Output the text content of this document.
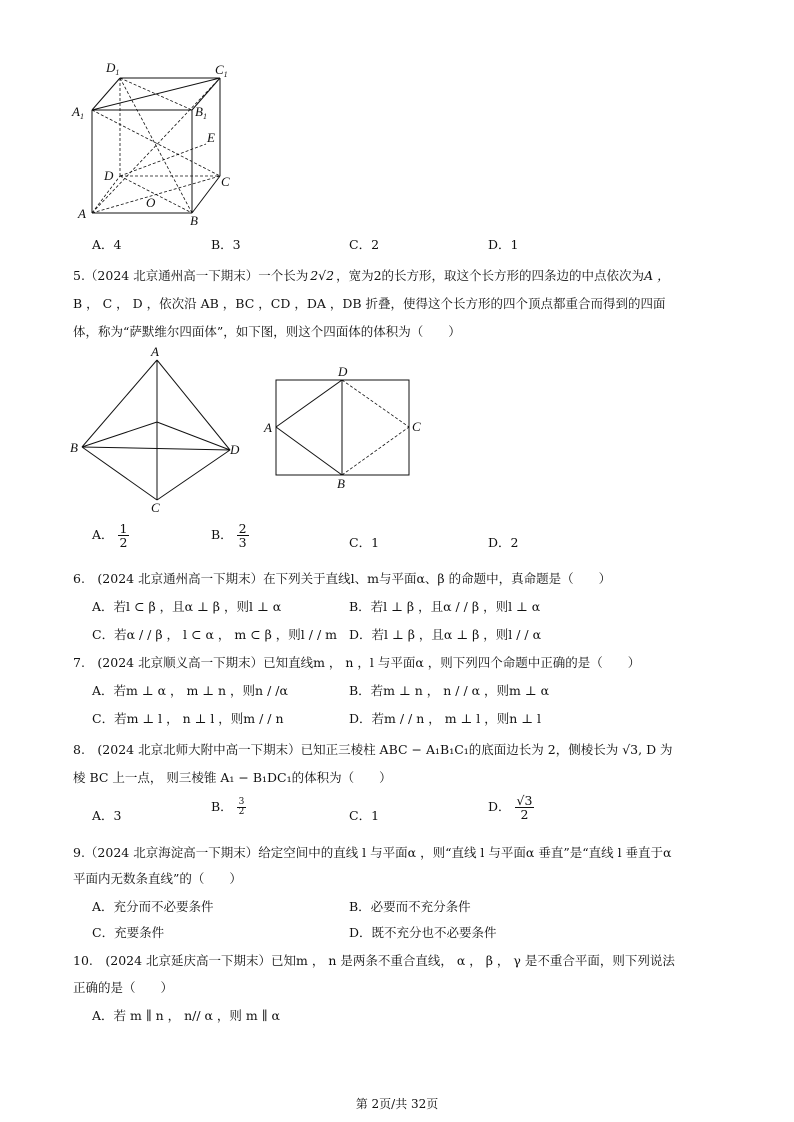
$D_1$	$C_1$
$A_1$	$B_1$
E
D	C
O
A	B
A．4	B．3	C．2	D．1
5.（2024 北京通州高一下期末）一个长为 2√2 ，宽为2的长方形，取这个长方形的四条边的中点依次为A ，
B ， C ， D ，依次沿 AB ，BC ，CD ，DA ，DB 折叠，使得这个长方形的四个顶点都重合而得到的四面
体，称为“萨默维尔四面体”，如下图，则这个四面体的体积为（　　）
A
B	D
C
D
A	C
B
A． $\frac{1}{2}$	B． $\frac{2}{3}$	C．1	D．2
6.　(2024 北京通州高一下期末）在下列关于直线l、m与平面α、β 的命题中，真命题是（　　）
A．若l ⊂ β ，且α ⊥ β ，则l ⊥ α	B．若l ⊥ β ，且α / / β ，则l ⊥ α
C．若α / / β ， l ⊂ α ， m ⊂ β ，则l / / m D．若l ⊥ β ，且α ⊥ β ，则l / / α
7.　(2024 北京顺义高一下期末）已知直线m ， n ，l 与平面α ，则下列四个命题中正确的是（　　）
A．若m ⊥ α ， m ⊥ n ，则n / /α	B．若m ⊥ n ， n / / α ，则m ⊥ α
C．若m ⊥ l ， n ⊥ l ，则m / / n	D．若m / / n ， m ⊥ l ，则n ⊥ l
8.　(2024 北京北师大附中高一下期末）已知正三棱柱 ABC − A₁B₁C₁的底面边长为 2，侧棱长为 √3, D 为
棱 BC 上一点， 则三棱锥 A₁ − B₁DC₁的体积为（　　）
A．3
B． $\frac{3}{2}$	C．1
D． $\frac{√3}{2}$
9.（2024 北京海淀高一下期末）给定空间中的直线 l 与平面α ，则“直线 l 与平面α 垂直”是“直线 l 垂直于α
平面内无数条直线”的（　　）
A．充分而不必要条件	B．必要而不充分条件
C．充要条件	D．既不充分也不必要条件
10.　(2024 北京延庆高一下期末）已知m ， n 是两条不重合直线， α ， β ， γ 是不重合平面，则下列说法
正确的是（　　）
A．若 m ∥ n ， n// α ，则 m ∥ α
第 2页/共 32页
